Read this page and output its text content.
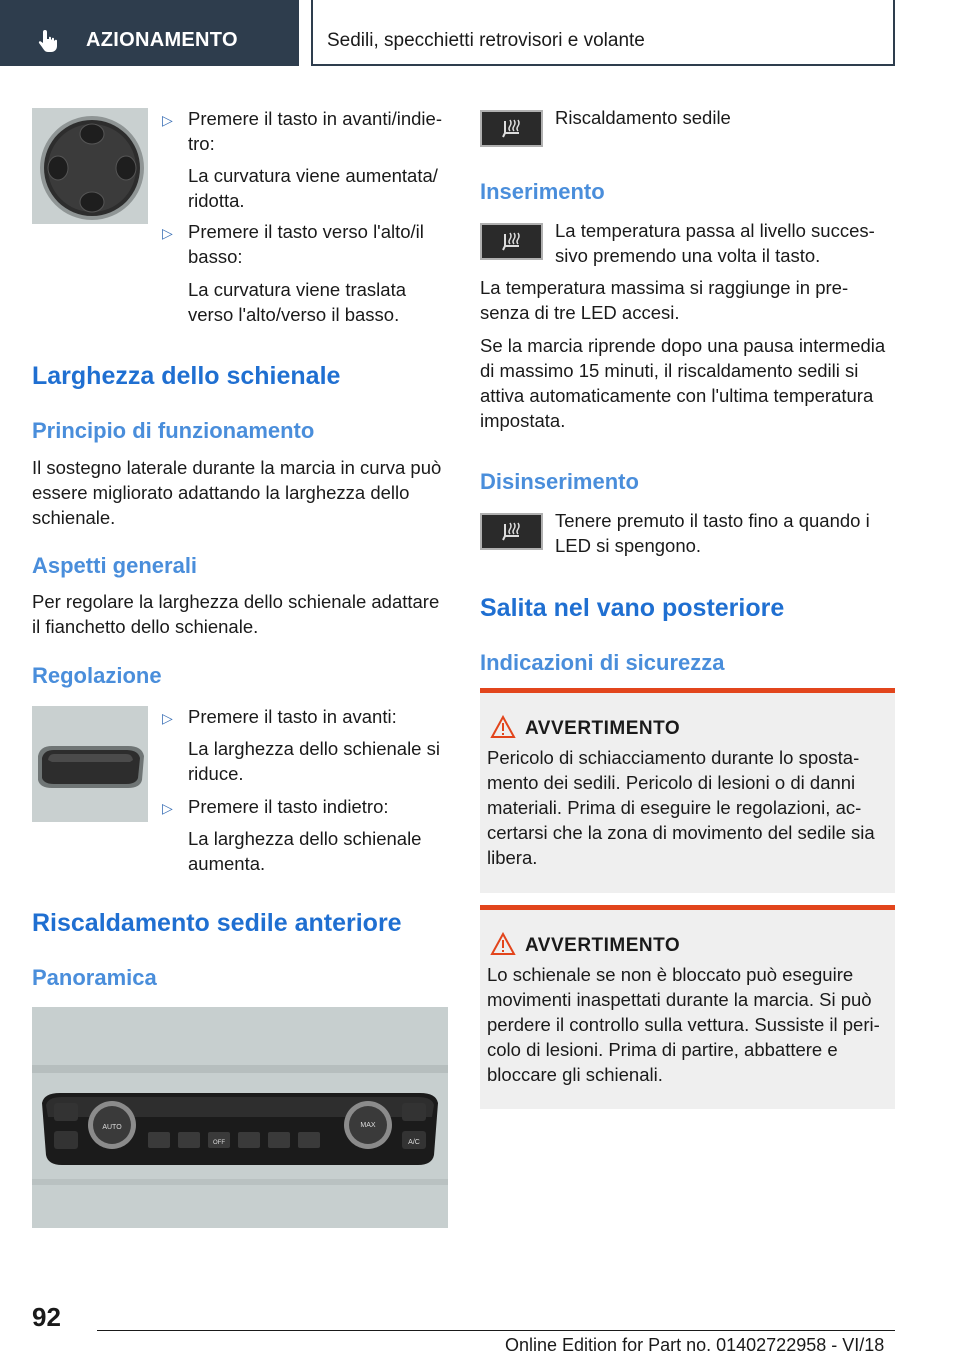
AZIONAMENTO	Sedili, specchietti retrovisori e volante
▷ Premere il tasto in avanti/indie-
tro:
La curvatura viene aumentata/
ridotta.
▷ Premere il tasto verso l'alto/il
basso:
La curvatura viene traslata
verso l'alto/verso il basso.
Larghezza dello schienale
Principio di funzionamento
Il sostegno laterale durante la marcia in curva può
essere migliorato adattando la larghezza dello
schienale.
Aspetti generali
Per regolare la larghezza dello schienale adattare
il fianchetto dello schienale.
Regolazione
▷ Premere il tasto in avanti:
La larghezza dello schienale si
riduce.
▷ Premere il tasto indietro:
La larghezza dello schienale
aumenta.
Riscaldamento sedile anteriore
Panoramica
AUTO	MAX
A/C
OFF
Riscaldamento sedile
Inserimento
La temperatura passa al livello succes-
sivo premendo una volta il tasto.
La temperatura massima si raggiunge in pre-
senza di tre LED accesi.
Se la marcia riprende dopo una pausa intermedia
di massimo 15 minuti, il riscaldamento sedili si
attiva automaticamente con l'ultima temperatura
impostata.
Disinserimento
Tenere premuto il tasto fino a quando i
LED si spengono.
Salita nel vano posteriore
Indicazioni di sicurezza
AVVERTIMENTO
Pericolo di schiacciamento durante lo sposta-
mento dei sedili. Pericolo di lesioni o di danni
materiali. Prima di eseguire le regolazioni, ac-
certarsi che la zona di movimento del sedile sia
libera.
AVVERTIMENTO
Lo schienale se non è bloccato può eseguire
movimenti inaspettati durante la marcia. Si può
perdere il controllo sulla vettura. Sussiste il peri-
colo di lesioni. Prima di partire, abbattere e
bloccare gli schienali.
92
Online Edition for Part no. 01402722958 - VI/18
